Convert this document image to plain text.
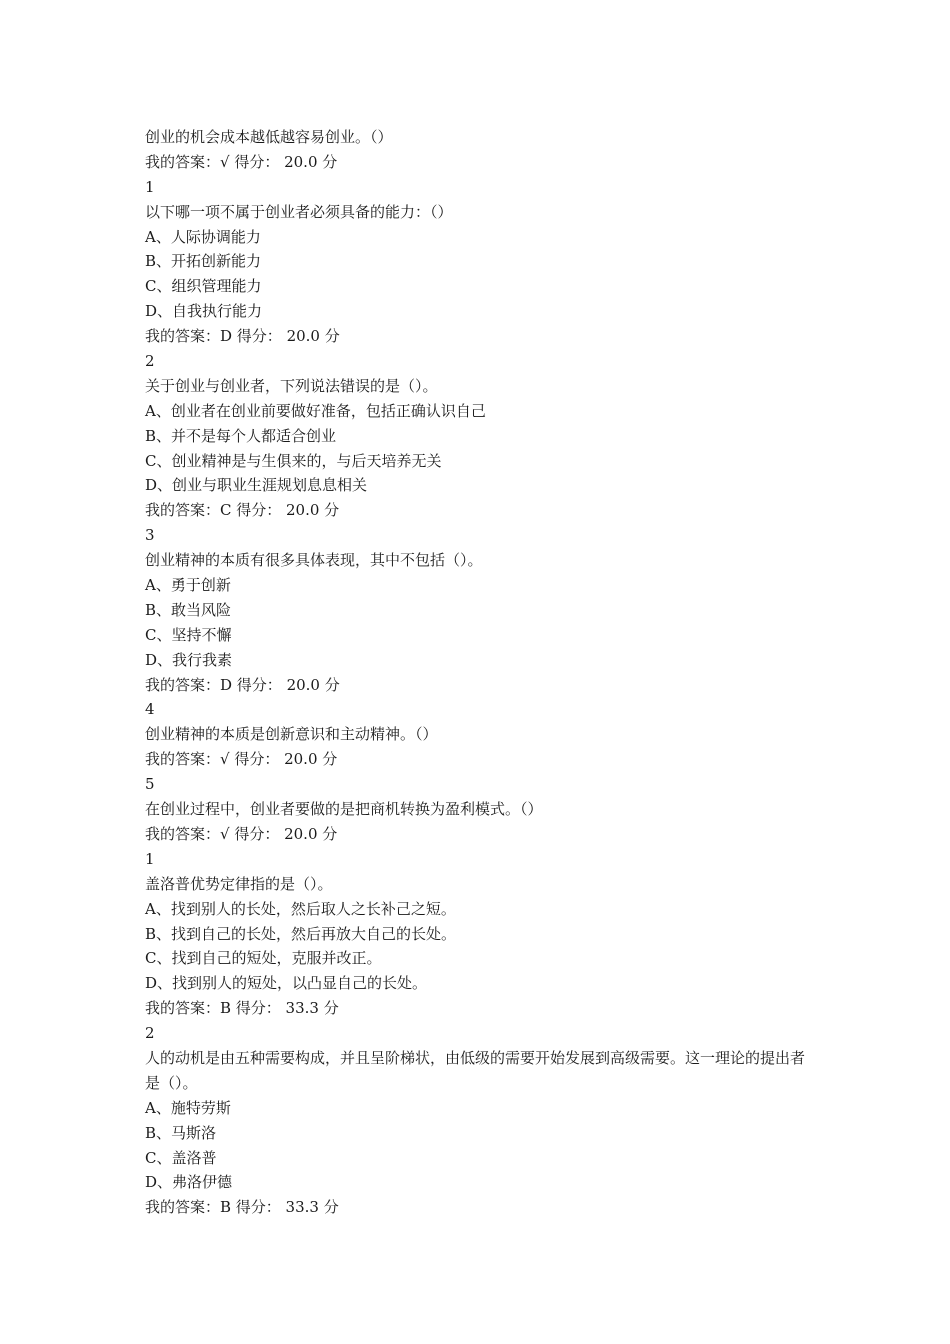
创业的机会成本越低越容易创业。（）
我的答案：√ 得分： 20.0 分
1
以下哪一项不属于创业者必须具备的能力：（）
A、人际协调能力
B、开拓创新能力
C、组织管理能力
D、自我执行能力
我的答案：D 得分： 20.0 分
2
关于创业与创业者，下列说法错误的是（）。
A、创业者在创业前要做好准备，包括正确认识自己
B、并不是每个人都适合创业
C、创业精神是与生俱来的，与后天培养无关
D、创业与职业生涯规划息息相关
我的答案：C 得分： 20.0 分
3
创业精神的本质有很多具体表现，其中不包括（）。
A、勇于创新
B、敢当风险
C、坚持不懈
D、我行我素
我的答案：D 得分： 20.0 分
4
创业精神的本质是创新意识和主动精神。（）
我的答案：√ 得分： 20.0 分
5
在创业过程中，创业者要做的是把商机转换为盈利模式。（）
我的答案：√ 得分： 20.0 分
1
盖洛普优势定律指的是（）。
A、找到别人的长处，然后取人之长补己之短。
B、找到自己的长处，然后再放大自己的长处。
C、找到自己的短处，克服并改正。
D、找到别人的短处，以凸显自己的长处。
我的答案：B 得分： 33.3 分
2
人的动机是由五种需要构成，并且呈阶梯状，由低级的需要开始发展到高级需要。这一理论的提出者是（）。
A、施特劳斯
B、马斯洛
C、盖洛普
D、弗洛伊德
我的答案：B 得分： 33.3 分
